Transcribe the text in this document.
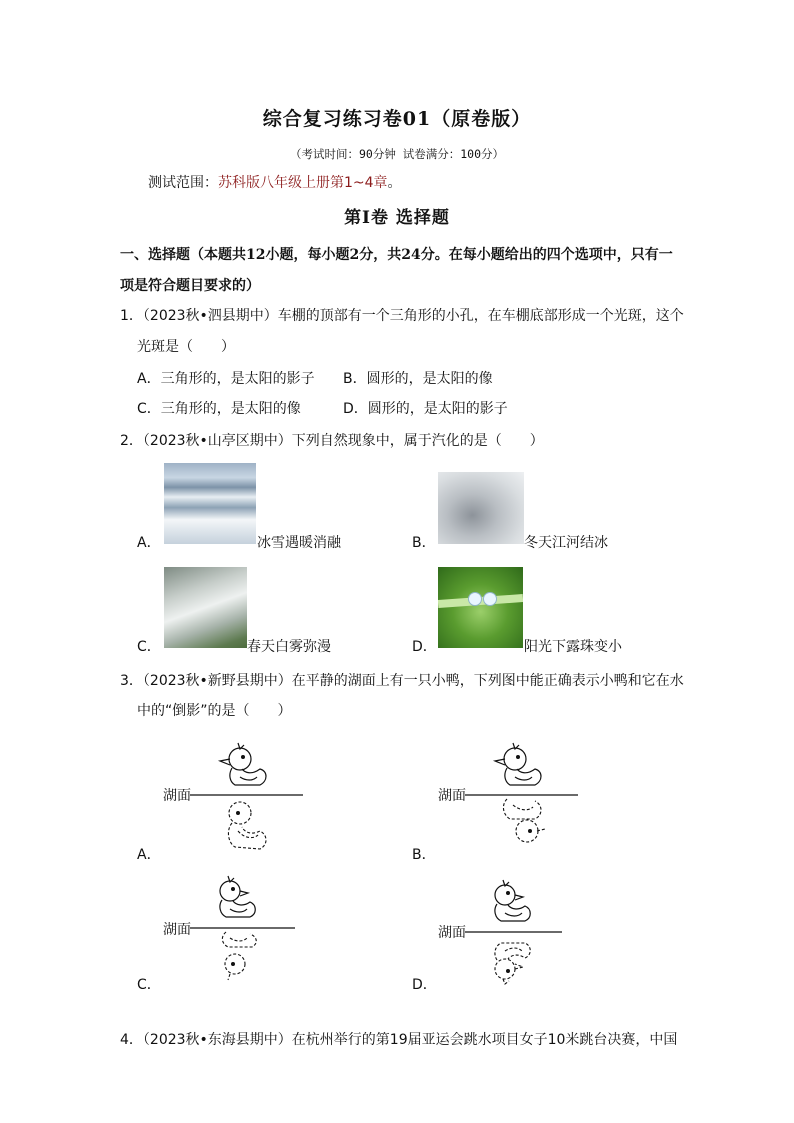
综合复习练习卷01（原卷版）
（考试时间：90分钟 试卷满分：100分）
测试范围：苏科版八年级上册第1~4章。
第Ⅰ卷 选择题
一、选择题（本题共12小题，每小题2分，共24分。在每小题给出的四个选项中，只有一项是符合题目要求的）
1．（2023秋•泗县期中）车棚的顶部有一个三角形的小孔，在车棚底部形成一个光斑，这个
光斑是（　　）
A．三角形的，是太阳的影子 B．圆形的，是太阳的像
C．三角形的，是太阳的像	D．圆形的，是太阳的影子
2．（2023秋•山亭区期中）下列自然现象中，属于汽化的是（　　）
A．	冰雪遇暖消融	B．	冬天江河结冰
C．	春天白雾弥漫	D．	阳光下露珠变小
3．（2023秋•新野县期中）在平静的湖面上有一只小鸭，下列图中能正确表示小鸭和它在水
中的“倒影”的是（　　）
A．
湖面
B．
湖面
C．
湖面
D．
湖面
4．（2023秋•东海县期中）在杭州举行的第19届亚运会跳水项目女子10米跳台决赛，中国
